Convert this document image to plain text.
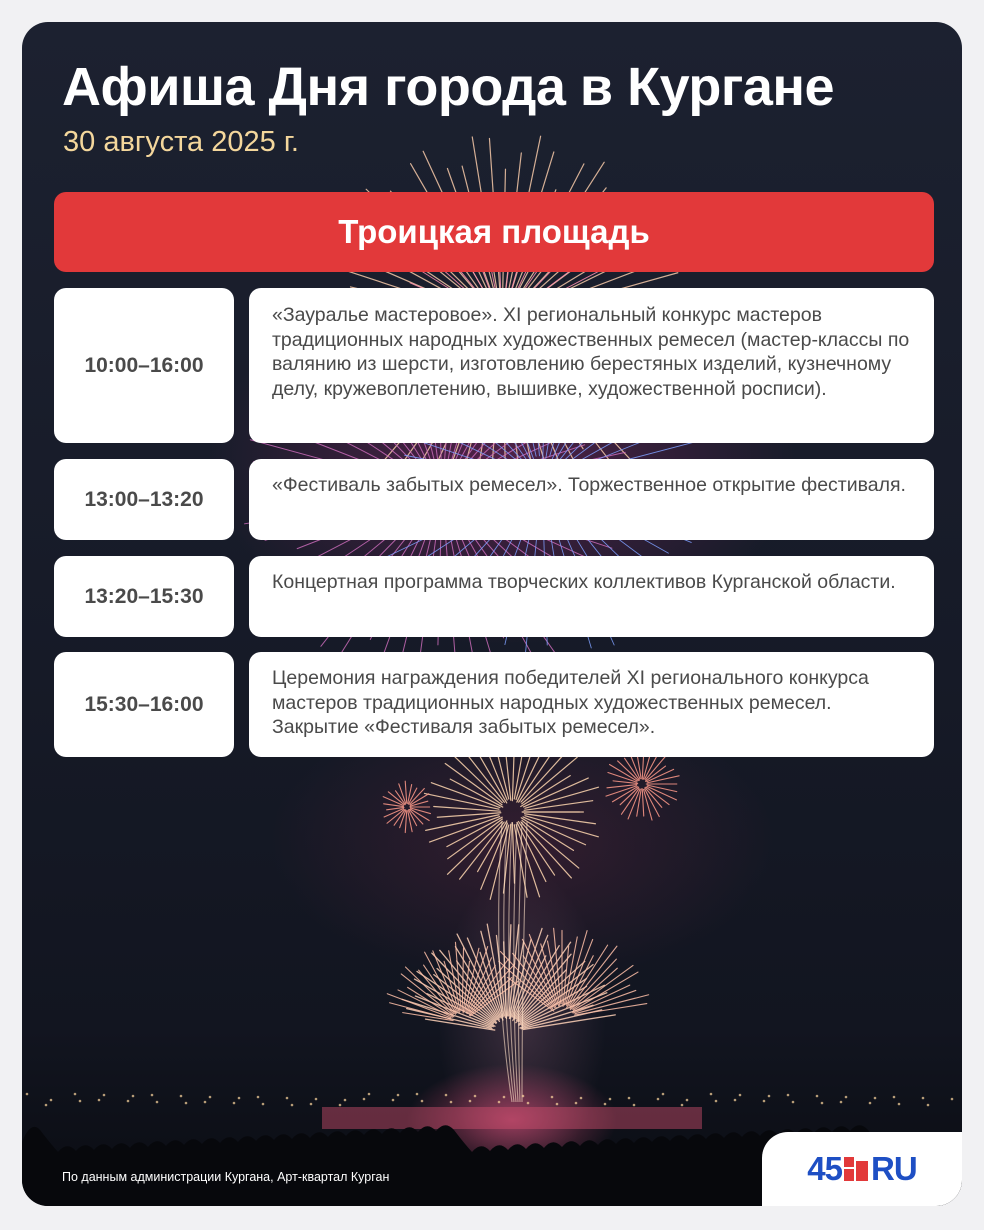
Афиша Дня города в Кургане
30 августа 2025 г.
Троицкая площадь
10:00–16:00
«Зауралье мастеровое». XI региональный конкурс мастеров традиционных народных художественных ремесел (мастер-классы по валянию из шерсти, изготовлению берестяных изделий, кузнечному делу, кружевоплетению, вышивке, художественной росписи).
13:00–13:20
«Фестиваль забытых ремесел». Торжественное открытие фестиваля.
13:20–15:30
Концертная программа творческих коллективов Курганской области.
15:30–16:00
Церемония награждения победителей XI регионального конкурса мастеров традиционных народных художественных ремесел. Закрытие «Фестиваля забытых ремесел».
По данным администрации Кургана, Арт-квартал Курган	45 RU
